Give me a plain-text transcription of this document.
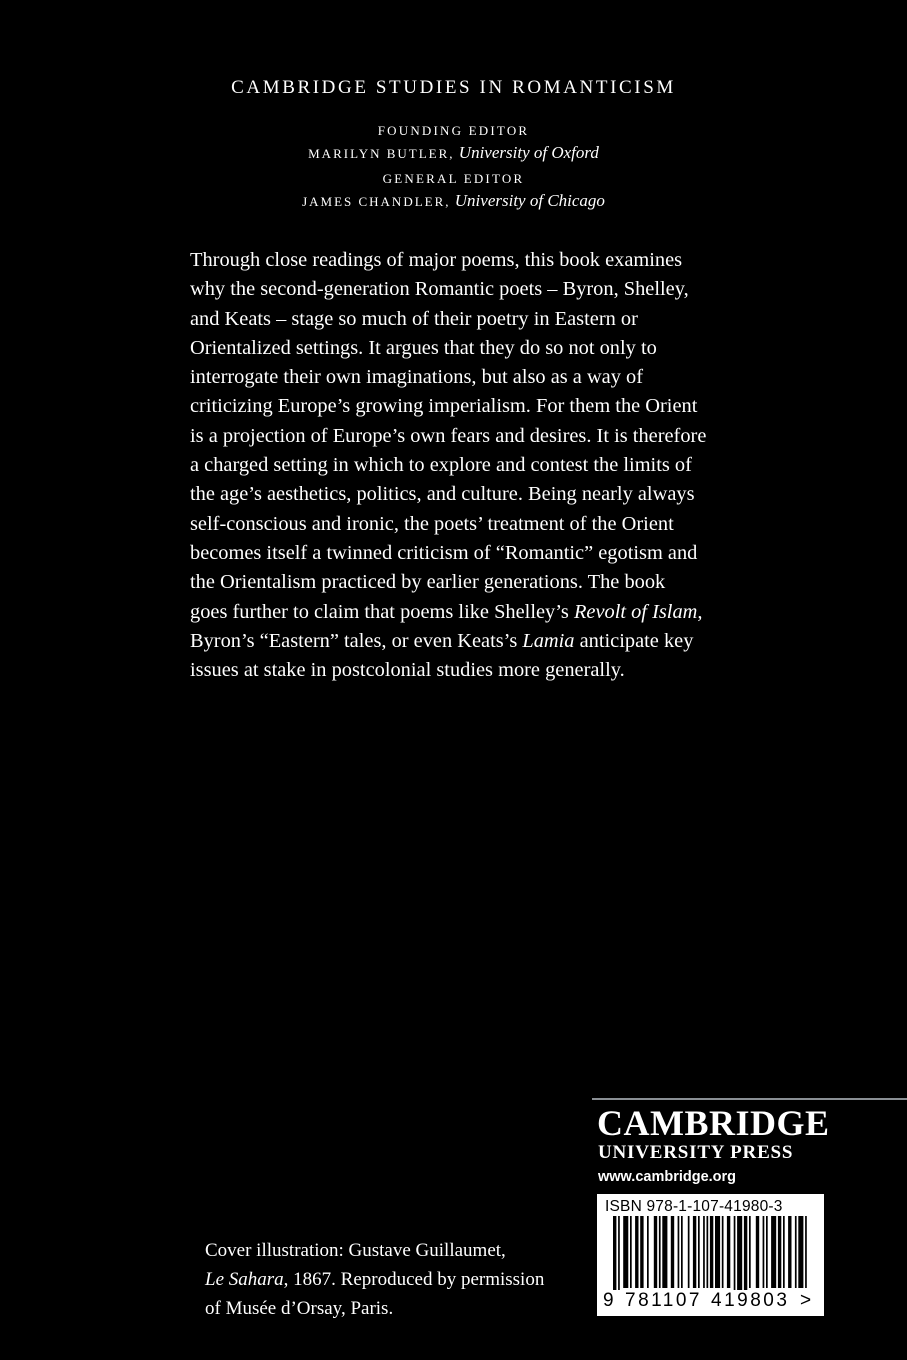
CAMBRIDGE STUDIES IN ROMANTICISM
FOUNDING EDITOR
MARILYN BUTLER, University of Oxford
GENERAL EDITOR
JAMES CHANDLER, University of Chicago
Through close readings of major poems, this book examines
why the second-generation Romantic poets – Byron, Shelley,
and Keats – stage so much of their poetry in Eastern or
Orientalized settings. It argues that they do so not only to
interrogate their own imaginations, but also as a way of
criticizing Europe’s growing imperialism. For them the Orient
is a projection of Europe’s own fears and desires. It is therefore
a charged setting in which to explore and contest the limits of
the age’s aesthetics, politics, and culture. Being nearly always
self-conscious and ironic, the poets’ treatment of the Orient
becomes itself a twinned criticism of “Romantic” egotism and
the Orientalism practiced by earlier generations. The book
goes further to claim that poems like Shelley’s Revolt of Islam,
Byron’s “Eastern” tales, or even Keats’s Lamia anticipate key
issues at stake in postcolonial studies more generally.
CAMBRIDGE
UNIVERSITY PRESS
www.cambridge.org
ISBN 978-1-107-41980-3
9 781107 419803 >
Cover illustration: Gustave Guillaumet,
Le Sahara, 1867. Reproduced by permission
of Musée d’Orsay, Paris.
